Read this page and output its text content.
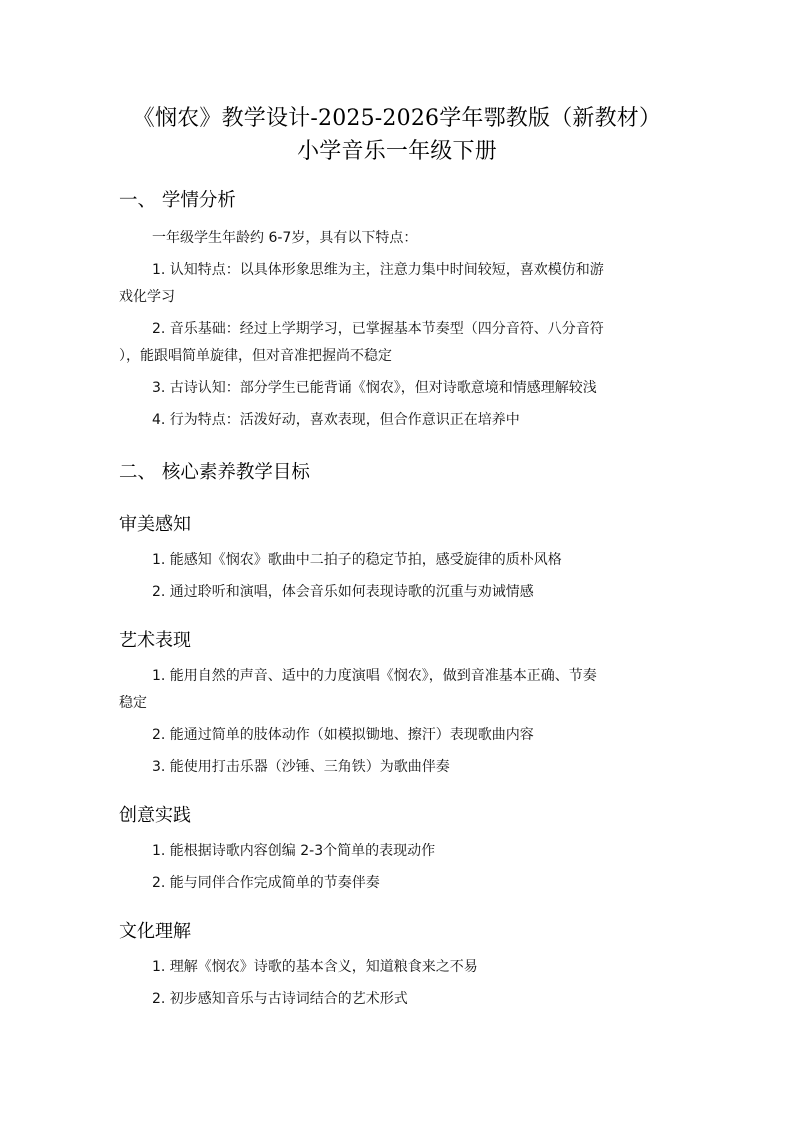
《悯农》教学设计-2025-2026学年鄂教版（新教材）
小学音乐一年级下册
一、 学情分析
一年级学生年龄约 6-7岁，具有以下特点：
1. 认知特点：以具体形象思维为主，注意力集中时间较短，喜欢模仿和游
戏化学习
2. 音乐基础：经过上学期学习，已掌握基本节奏型（四分音符、八分音符
），能跟唱简单旋律，但对音准把握尚不稳定
3. 古诗认知：部分学生已能背诵《悯农》，但对诗歌意境和情感理解较浅
4. 行为特点：活泼好动，喜欢表现，但合作意识正在培养中
二、 核心素养教学目标
审美感知
1. 能感知《悯农》歌曲中二拍子的稳定节拍，感受旋律的质朴风格
2. 通过聆听和演唱，体会音乐如何表现诗歌的沉重与劝诫情感
艺术表现
1. 能用自然的声音、适中的力度演唱《悯农》，做到音准基本正确、节奏
稳定
2. 能通过简单的肢体动作（如模拟锄地、擦汗）表现歌曲内容
3. 能使用打击乐器（沙锤、三角铁）为歌曲伴奏
创意实践
1. 能根据诗歌内容创编 2-3个简单的表现动作
2. 能与同伴合作完成简单的节奏伴奏
文化理解
1. 理解《悯农》诗歌的基本含义，知道粮食来之不易
2. 初步感知音乐与古诗词结合的艺术形式
